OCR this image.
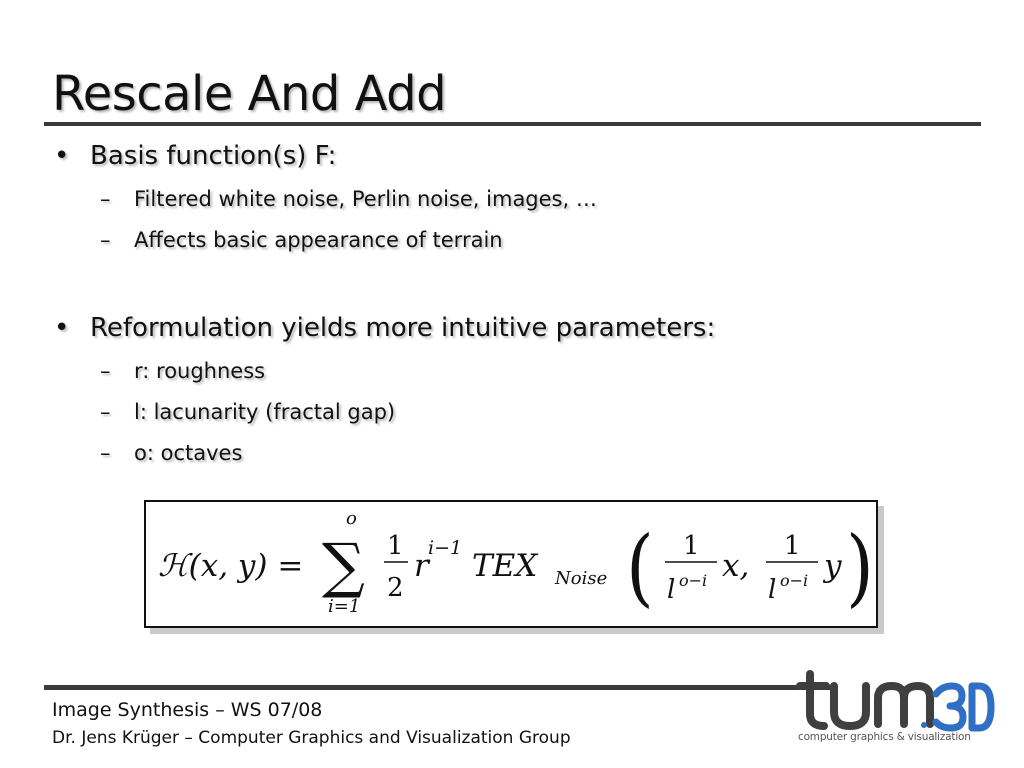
Rescale And Add
• Basis function(s) F:
– Filtered white noise, Perlin noise, images, …
– Affects basic appearance of terrain
• Reformulation yields more intuitive parameters:
– r: roughness
– l: lacunarity (fractal gap)
– o: octaves
ℋ(x, y) = ∑
o
i=1
1
2
r i−1 TEX Noise ( 1
l o−i x,
1
l o−i y )
Image Synthesis – WS 07/08
Dr. Jens Krüger – Computer Graphics and Visualization Group	computer graphics & visualization
